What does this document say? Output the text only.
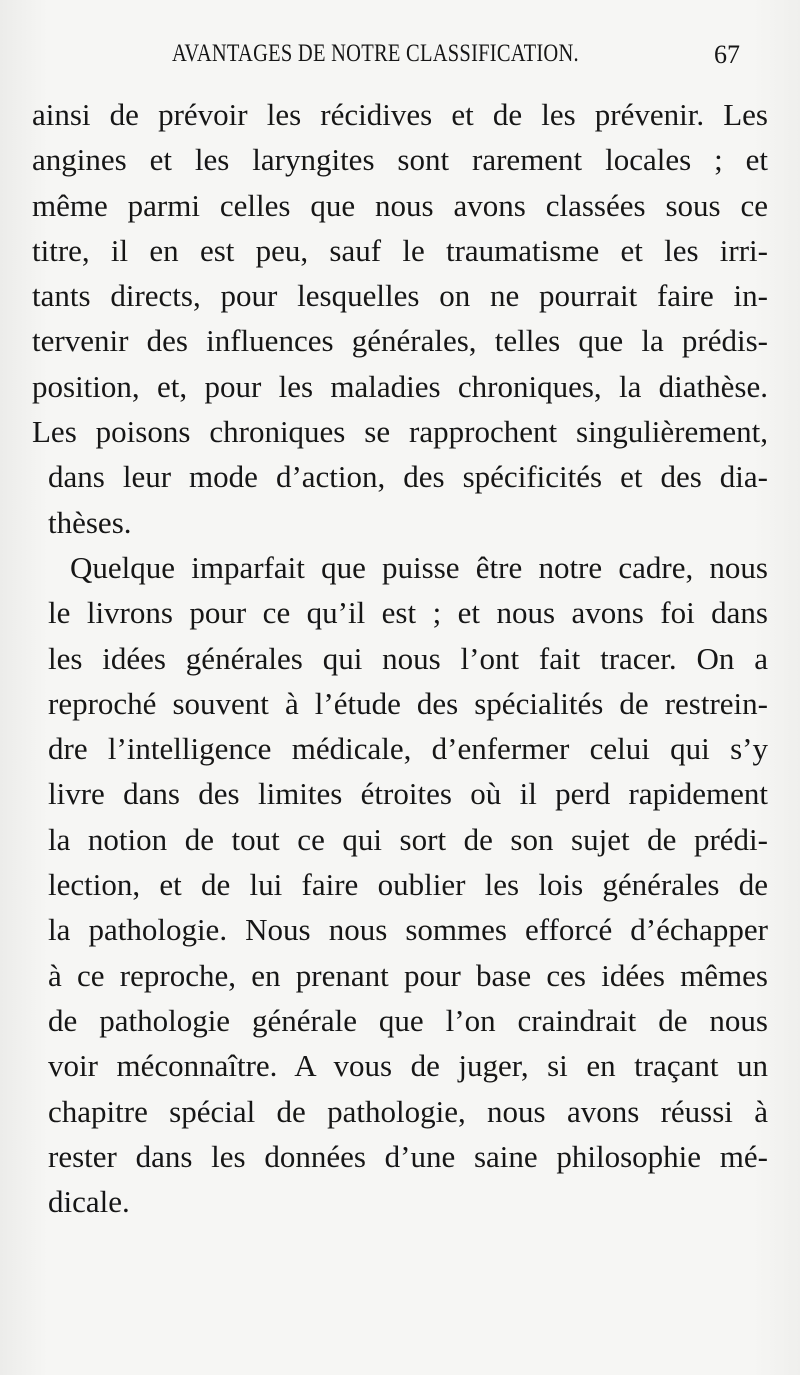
AVANTAGES DE NOTRE CLASSIFICATION.	67
ainsi de prévoir les récidives et de les prévenir. Les
angines et les laryngites sont rarement locales ; et
même parmi celles que nous avons classées sous ce
titre, il en est peu, sauf le traumatisme et les irri-
tants directs, pour lesquelles on ne pourrait faire in-
tervenir des influences générales, telles que la prédis-
position, et, pour les maladies chroniques, la diathèse.
Les poisons chroniques se rapprochent singulièrement,
dans leur mode d’action, des spécificités et des dia-
thèses.
Quelque imparfait que puisse être notre cadre, nous
le livrons pour ce qu’il est ; et nous avons foi dans
les idées générales qui nous l’ont fait tracer. On a
reproché souvent à l’étude des spécialités de restrein-
dre l’intelligence médicale, d’enfermer celui qui s’y
livre dans des limites étroites où il perd rapidement
la notion de tout ce qui sort de son sujet de prédi-
lection, et de lui faire oublier les lois générales de
la pathologie. Nous nous sommes efforcé d’échapper
à ce reproche, en prenant pour base ces idées mêmes
de pathologie générale que l’on craindrait de nous
voir méconnaître. A vous de juger, si en traçant un
chapitre spécial de pathologie, nous avons réussi à
rester dans les données d’une saine philosophie mé-
dicale.
